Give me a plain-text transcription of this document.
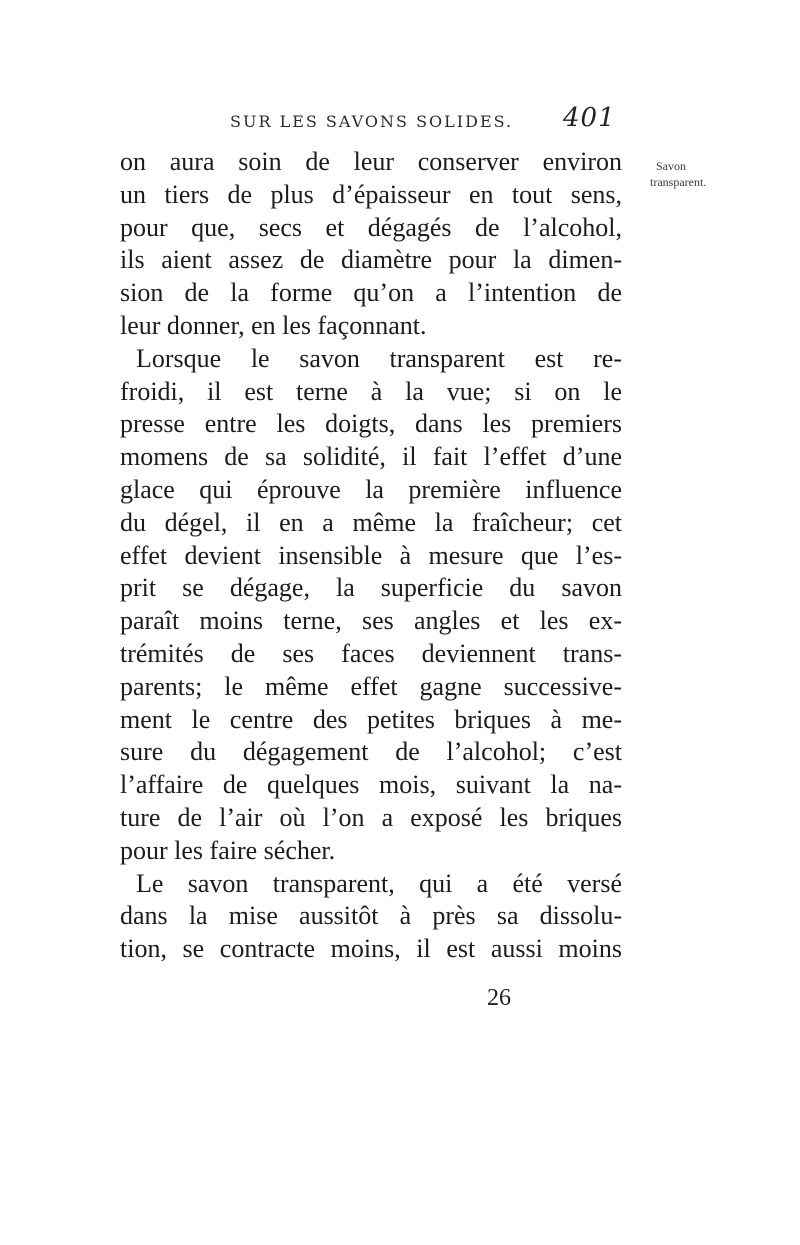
SUR LES SAVONS SOLIDES. 401
Savon
transparent.
on aura soin de leur conserver environ
un tiers de plus d’épaisseur en tout sens,
pour que, secs et dégagés de l’alcohol,
ils aient assez de diamètre pour la dimen-
sion de la forme qu’on a l’intention de
leur donner, en les façonnant.
Lorsque le savon transparent est re-
froidi, il est terne à la vue; si on le
presse entre les doigts, dans les premiers
momens de sa solidité, il fait l’effet d’une
glace qui éprouve la première influence
du dégel, il en a même la fraîcheur; cet
effet devient insensible à mesure que l’es-
prit se dégage, la superficie du savon
paraît moins terne, ses angles et les ex-
trémités de ses faces deviennent trans-
parents; le même effet gagne successive-
ment le centre des petites briques à me-
sure du dégagement de l’alcohol; c’est
l’affaire de quelques mois, suivant la na-
ture de l’air où l’on a exposé les briques
pour les faire sécher.
Le savon transparent, qui a été versé
dans la mise aussitôt à près sa dissolu-
tion, se contracte moins, il est aussi moins
26
